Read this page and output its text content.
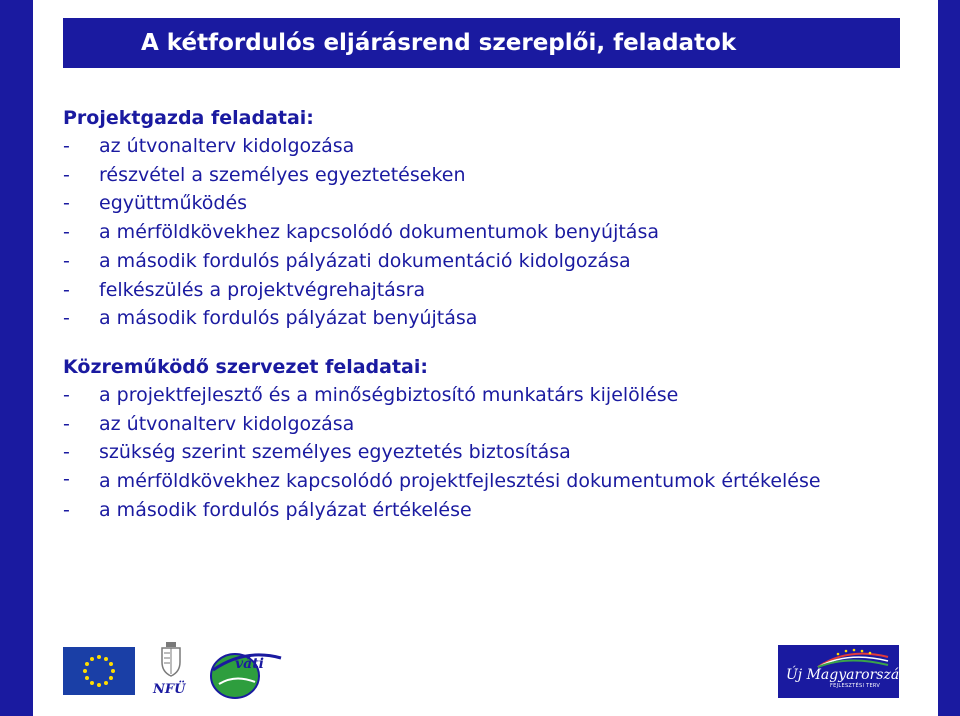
A kétfordulós eljárásrend szereplői, feladatok

Projektgazda feladatai:

- az útvonalterv kidolgozása
- részvétel a személyes egyeztetéseken
- együttműködés
- a mérföldkövekhez kapcsolódó dokumentumok benyújtása
- a második fordulós pályázati dokumentáció kidolgozása
- felkészülés a projektvégrehajtásra
- a második fordulós pályázat benyújtása

Közreműködő szervezet feladatai:

- a projektfejlesztő és a minőségbiztosító munkatárs kijelölése
- az útvonalterv kidolgozása
- szükség szerint személyes egyeztetés biztosítása
- a mérföldkövekhez kapcsolódó projektfejlesztési dokumentumok értékelése
- a második fordulós pályázat értékelése
NFÜ
váti
Új Magyarország
FEJLESZTÉSI TERV
